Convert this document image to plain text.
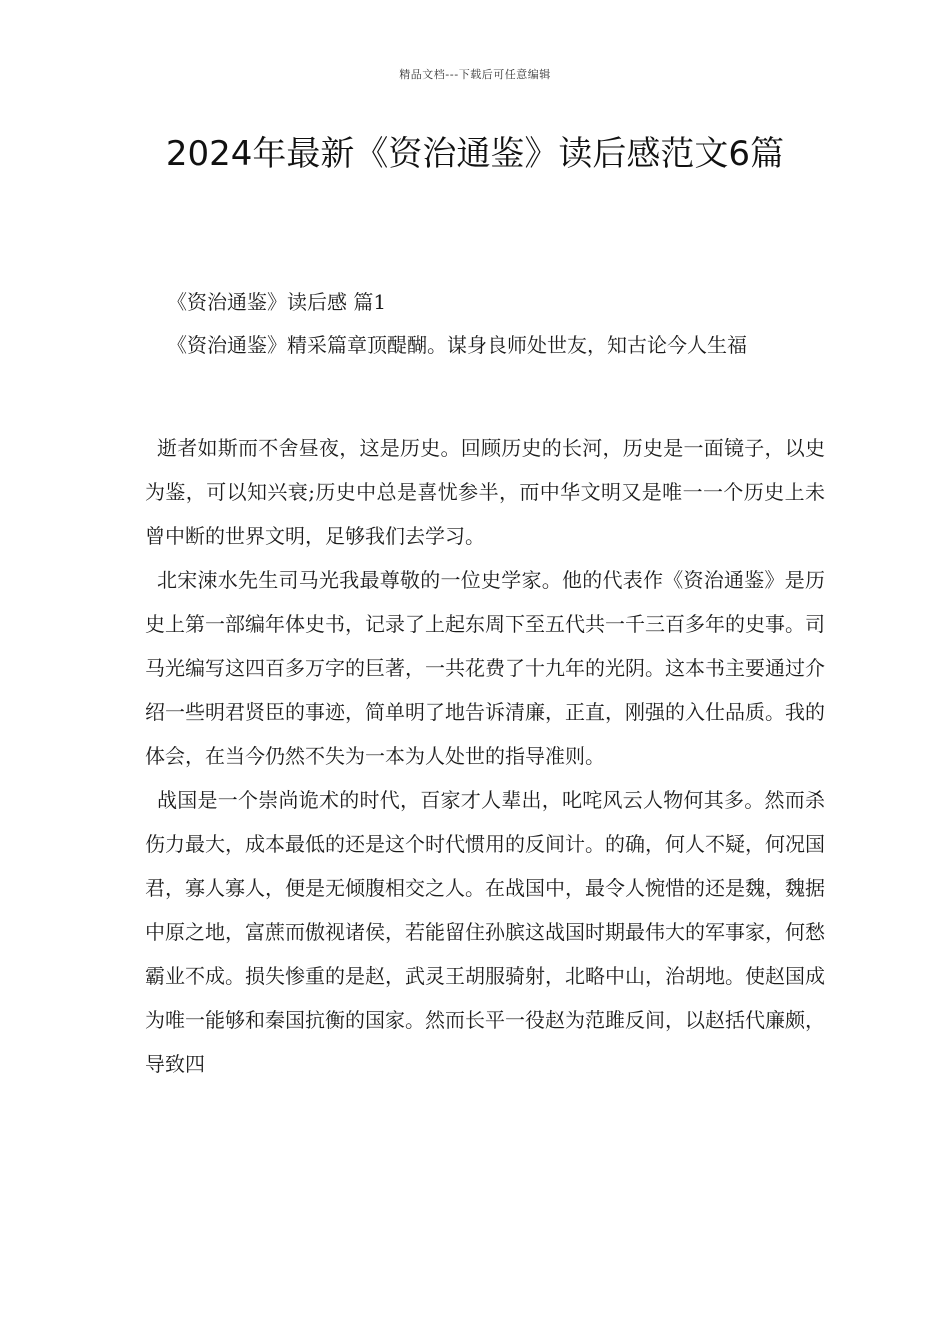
精品文档---下载后可任意编辑
2024年最新《资治通鉴》读后感范文6篇
《资治通鉴》读后感 篇1
《资治通鉴》精采篇章顶醍醐。谋身良师处世友，知古论今人生福

逝者如斯而不舍昼夜，这是历史。回顾历史的长河，历史是一面镜子，以史为鉴，可以知兴衰;历史中总是喜忧参半，而中华文明又是唯一一个历史上未曾中断的世界文明，足够我们去学习。

北宋涑水先生司马光我最尊敬的一位史学家。他的代表作《资治通鉴》是历史上第一部编年体史书，记录了上起东周下至五代共一千三百多年的史事。司马光编写这四百多万字的巨著，一共花费了十九年的光阴。这本书主要通过介绍一些明君贤臣的事迹，简单明了地告诉清廉，正直，刚强的入仕品质。我的体会，在当今仍然不失为一本为人处世的指导准则。

战国是一个崇尚诡术的时代，百家才人辈出，叱咤风云人物何其多。然而杀伤力最大，成本最低的还是这个时代惯用的反间计。的确，何人不疑，何况国君，寡人寡人，便是无倾腹相交之人。在战国中，最令人惋惜的还是魏，魏据中原之地，富蔗而傲视诸侯，若能留住孙膑这战国时期最伟大的军事家，何愁霸业不成。损失惨重的是赵，武灵王胡服骑射，北略中山，治胡地。使赵国成为唯一能够和秦国抗衡的国家。然而长平一役赵为范雎反间，以赵括代廉颇，导致四
